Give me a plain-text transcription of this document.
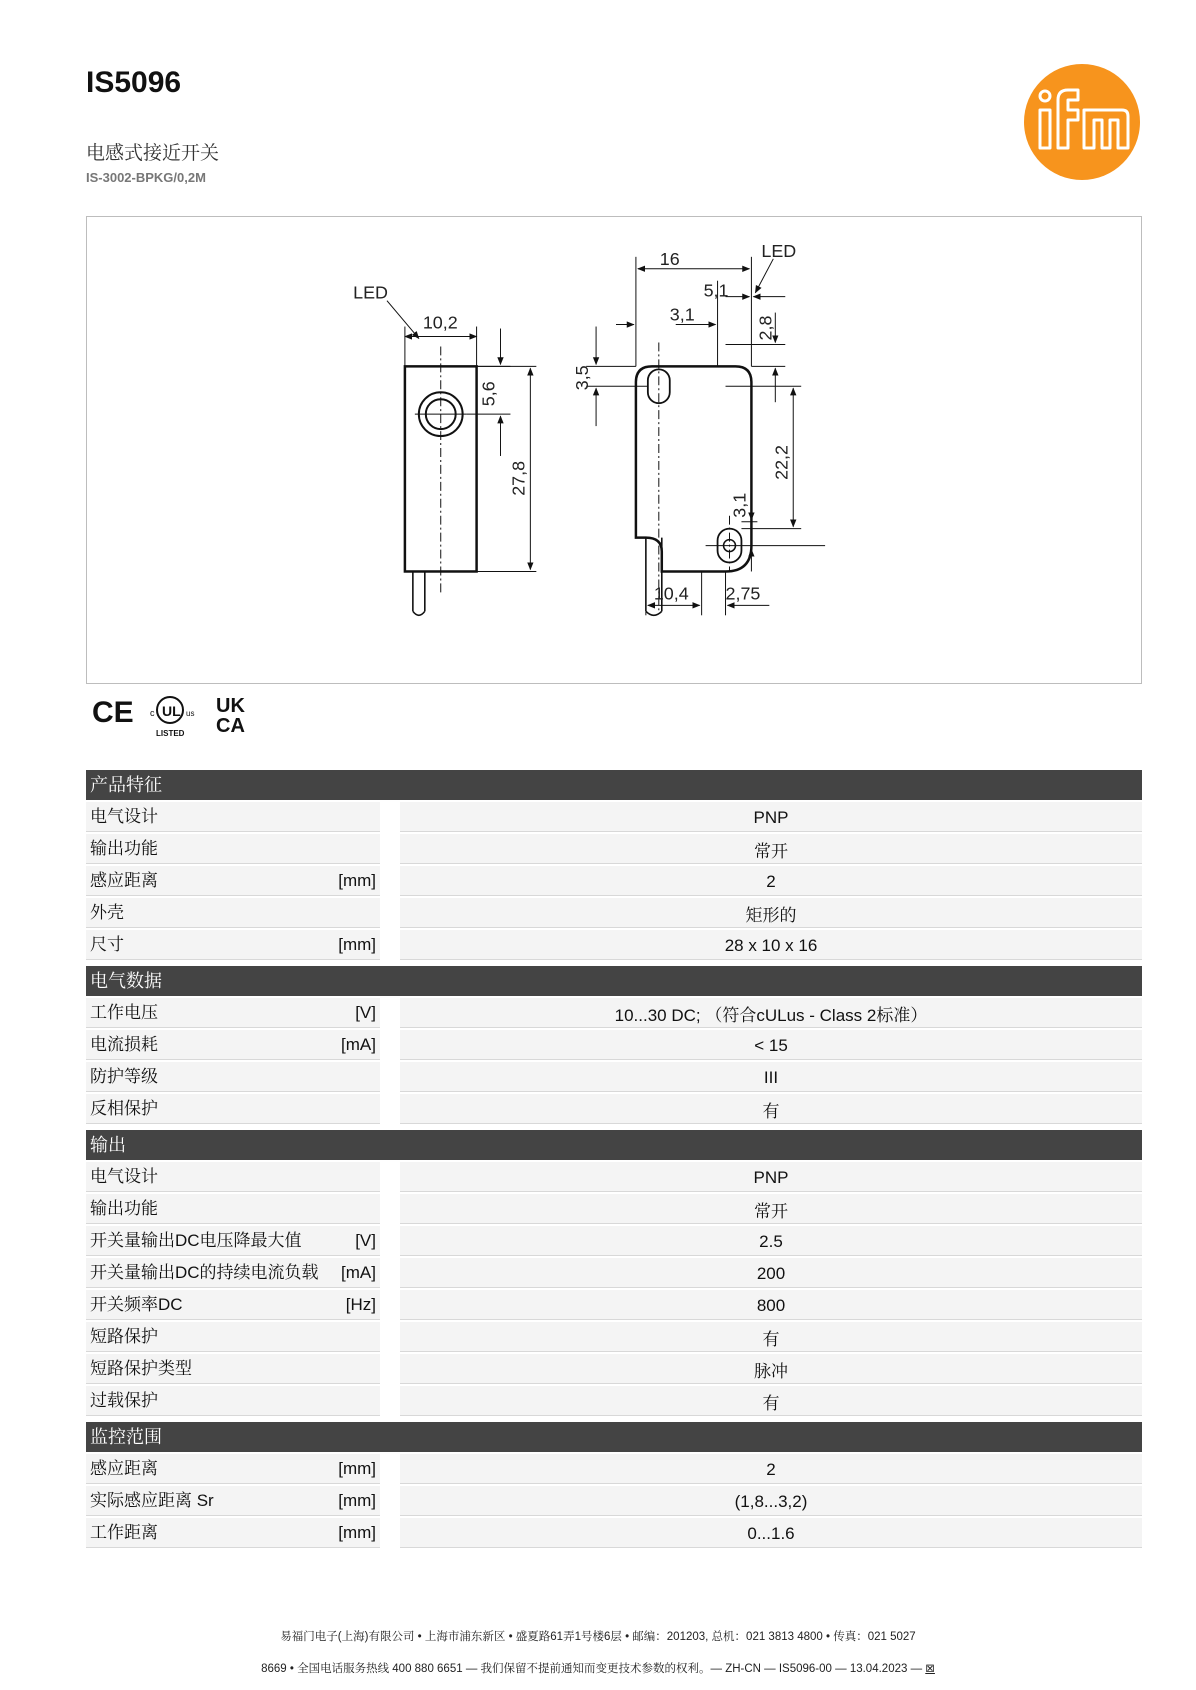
IS5096
电感式接近开关
IS-3002-BPKG/0,2M
LED
10,2
5,6
27,8
LED
16
5,1
3,1
2,8
3,5
22,2
3,1
10,4 2,75
CE c UL us
LISTED
UK
CA
产品特征
电气设计	PNP
输出功能	常开
感应距离	[mm]	2
外壳	矩形的
尺寸	[mm]	28 x 10 x 16
电气数据
工作电压	[V]	10...30 DC; （符合cULus - Class 2标准）
电流损耗	[mA]	< 15
防护等级	III
反相保护	有
输出
电气设计	PNP
输出功能	常开
开关量输出DC电压降最大值	[V]	2.5
开关量输出DC的持续电流负载 [mA]	200
开关频率DC	[Hz]	800
短路保护	有
短路保护类型	脉冲
过载保护	有
监控范围
感应距离	[mm]	2
实际感应距离 Sr	[mm]	(1,8...3,2)
工作距离	[mm]	0...1.6
易福门电子(上海)有限公司 • 上海市浦东新区 • 盛夏路61弄1号楼6层 • 邮编：201203, 总机：021 3813 4800 • 传真：021 5027
8669 • 全国电话服务热线 400 880 6651 — 我们保留不提前通知而变更技术参数的权利。— ZH-CN — IS5096-00 — 13.04.2023 — ⊠
